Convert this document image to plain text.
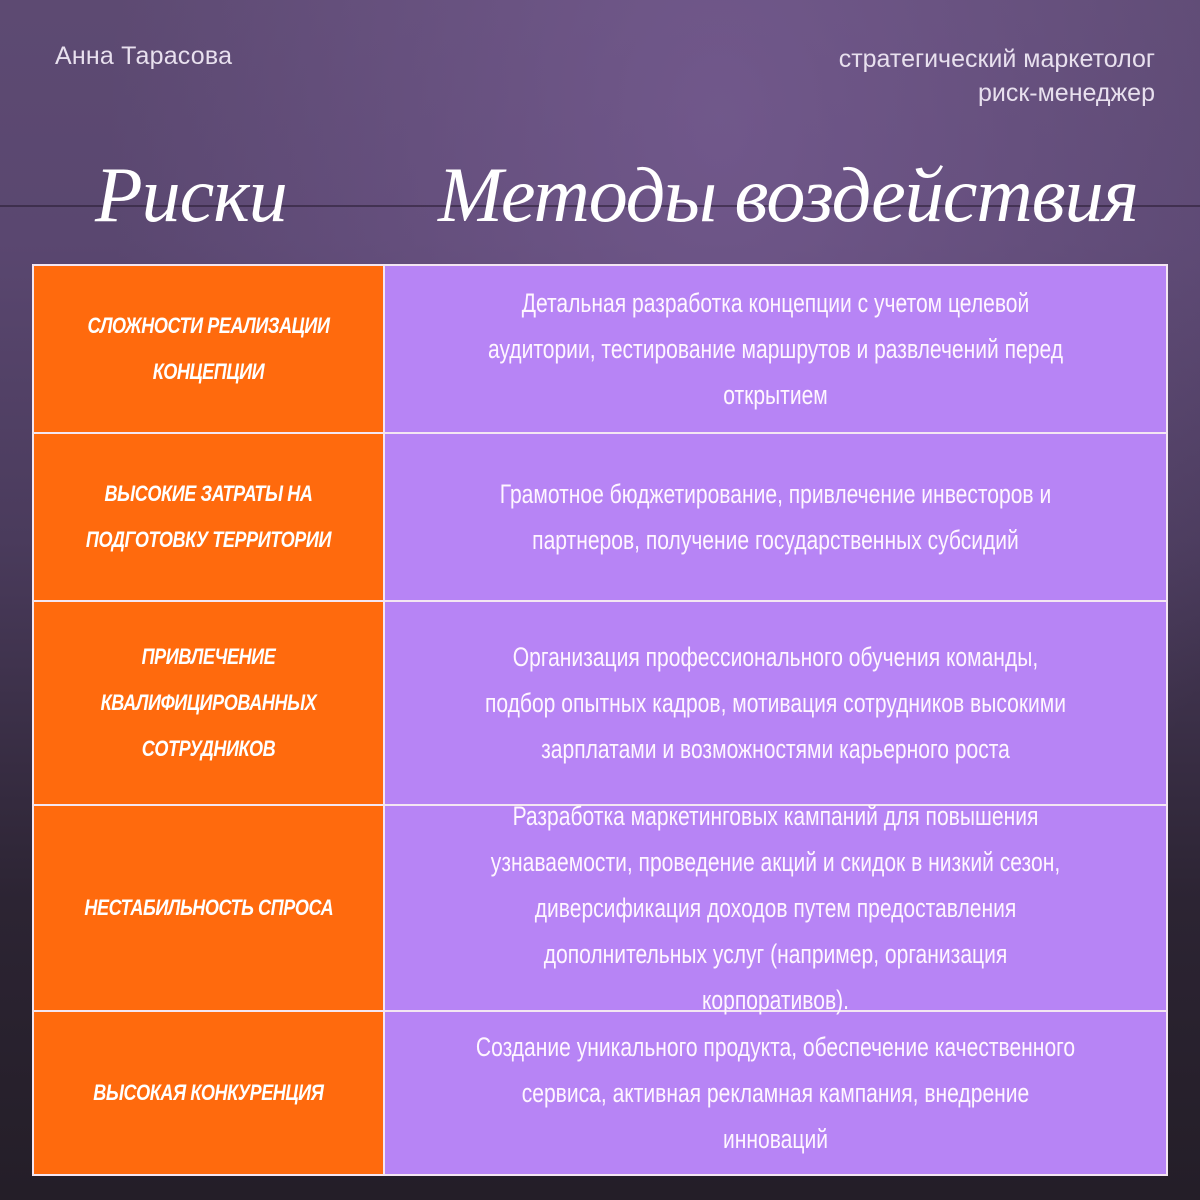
Анна Тарасова	стратегический маркетолог
риск-менеджер
Риски Методы воздействия
СЛОЖНОСТИ РЕАЛИЗАЦИИ КОНЦЕПЦИИ
Детальная разработка концепции с учетом целевой аудитории, тестирование маршрутов и развлечений перед открытием
ВЫСОКИЕ ЗАТРАТЫ НА ПОДГОТОВКУ ТЕРРИТОРИИ
Грамотное бюджетирование, привлечение инвесторов и партнеров, получение государственных субсидий
ПРИВЛЕЧЕНИЕ КВАЛИФИЦИРОВАННЫХ СОТРУДНИКОВ
Организация профессионального обучения команды, подбор опытных кадров, мотивация сотрудников высокими зарплатами и возможностями карьерного роста
НЕСТАБИЛЬНОСТЬ СПРОСА
Разработка маркетинговых кампаний для повышения узнаваемости, проведение акций и скидок в низкий сезон, диверсификация доходов путем предоставления дополнительных услуг (например, организация корпоративов).
ВЫСОКАЯ КОНКУРЕНЦИЯ
Создание уникального продукта, обеспечение качественного сервиса, активная рекламная кампания, внедрение инноваций
